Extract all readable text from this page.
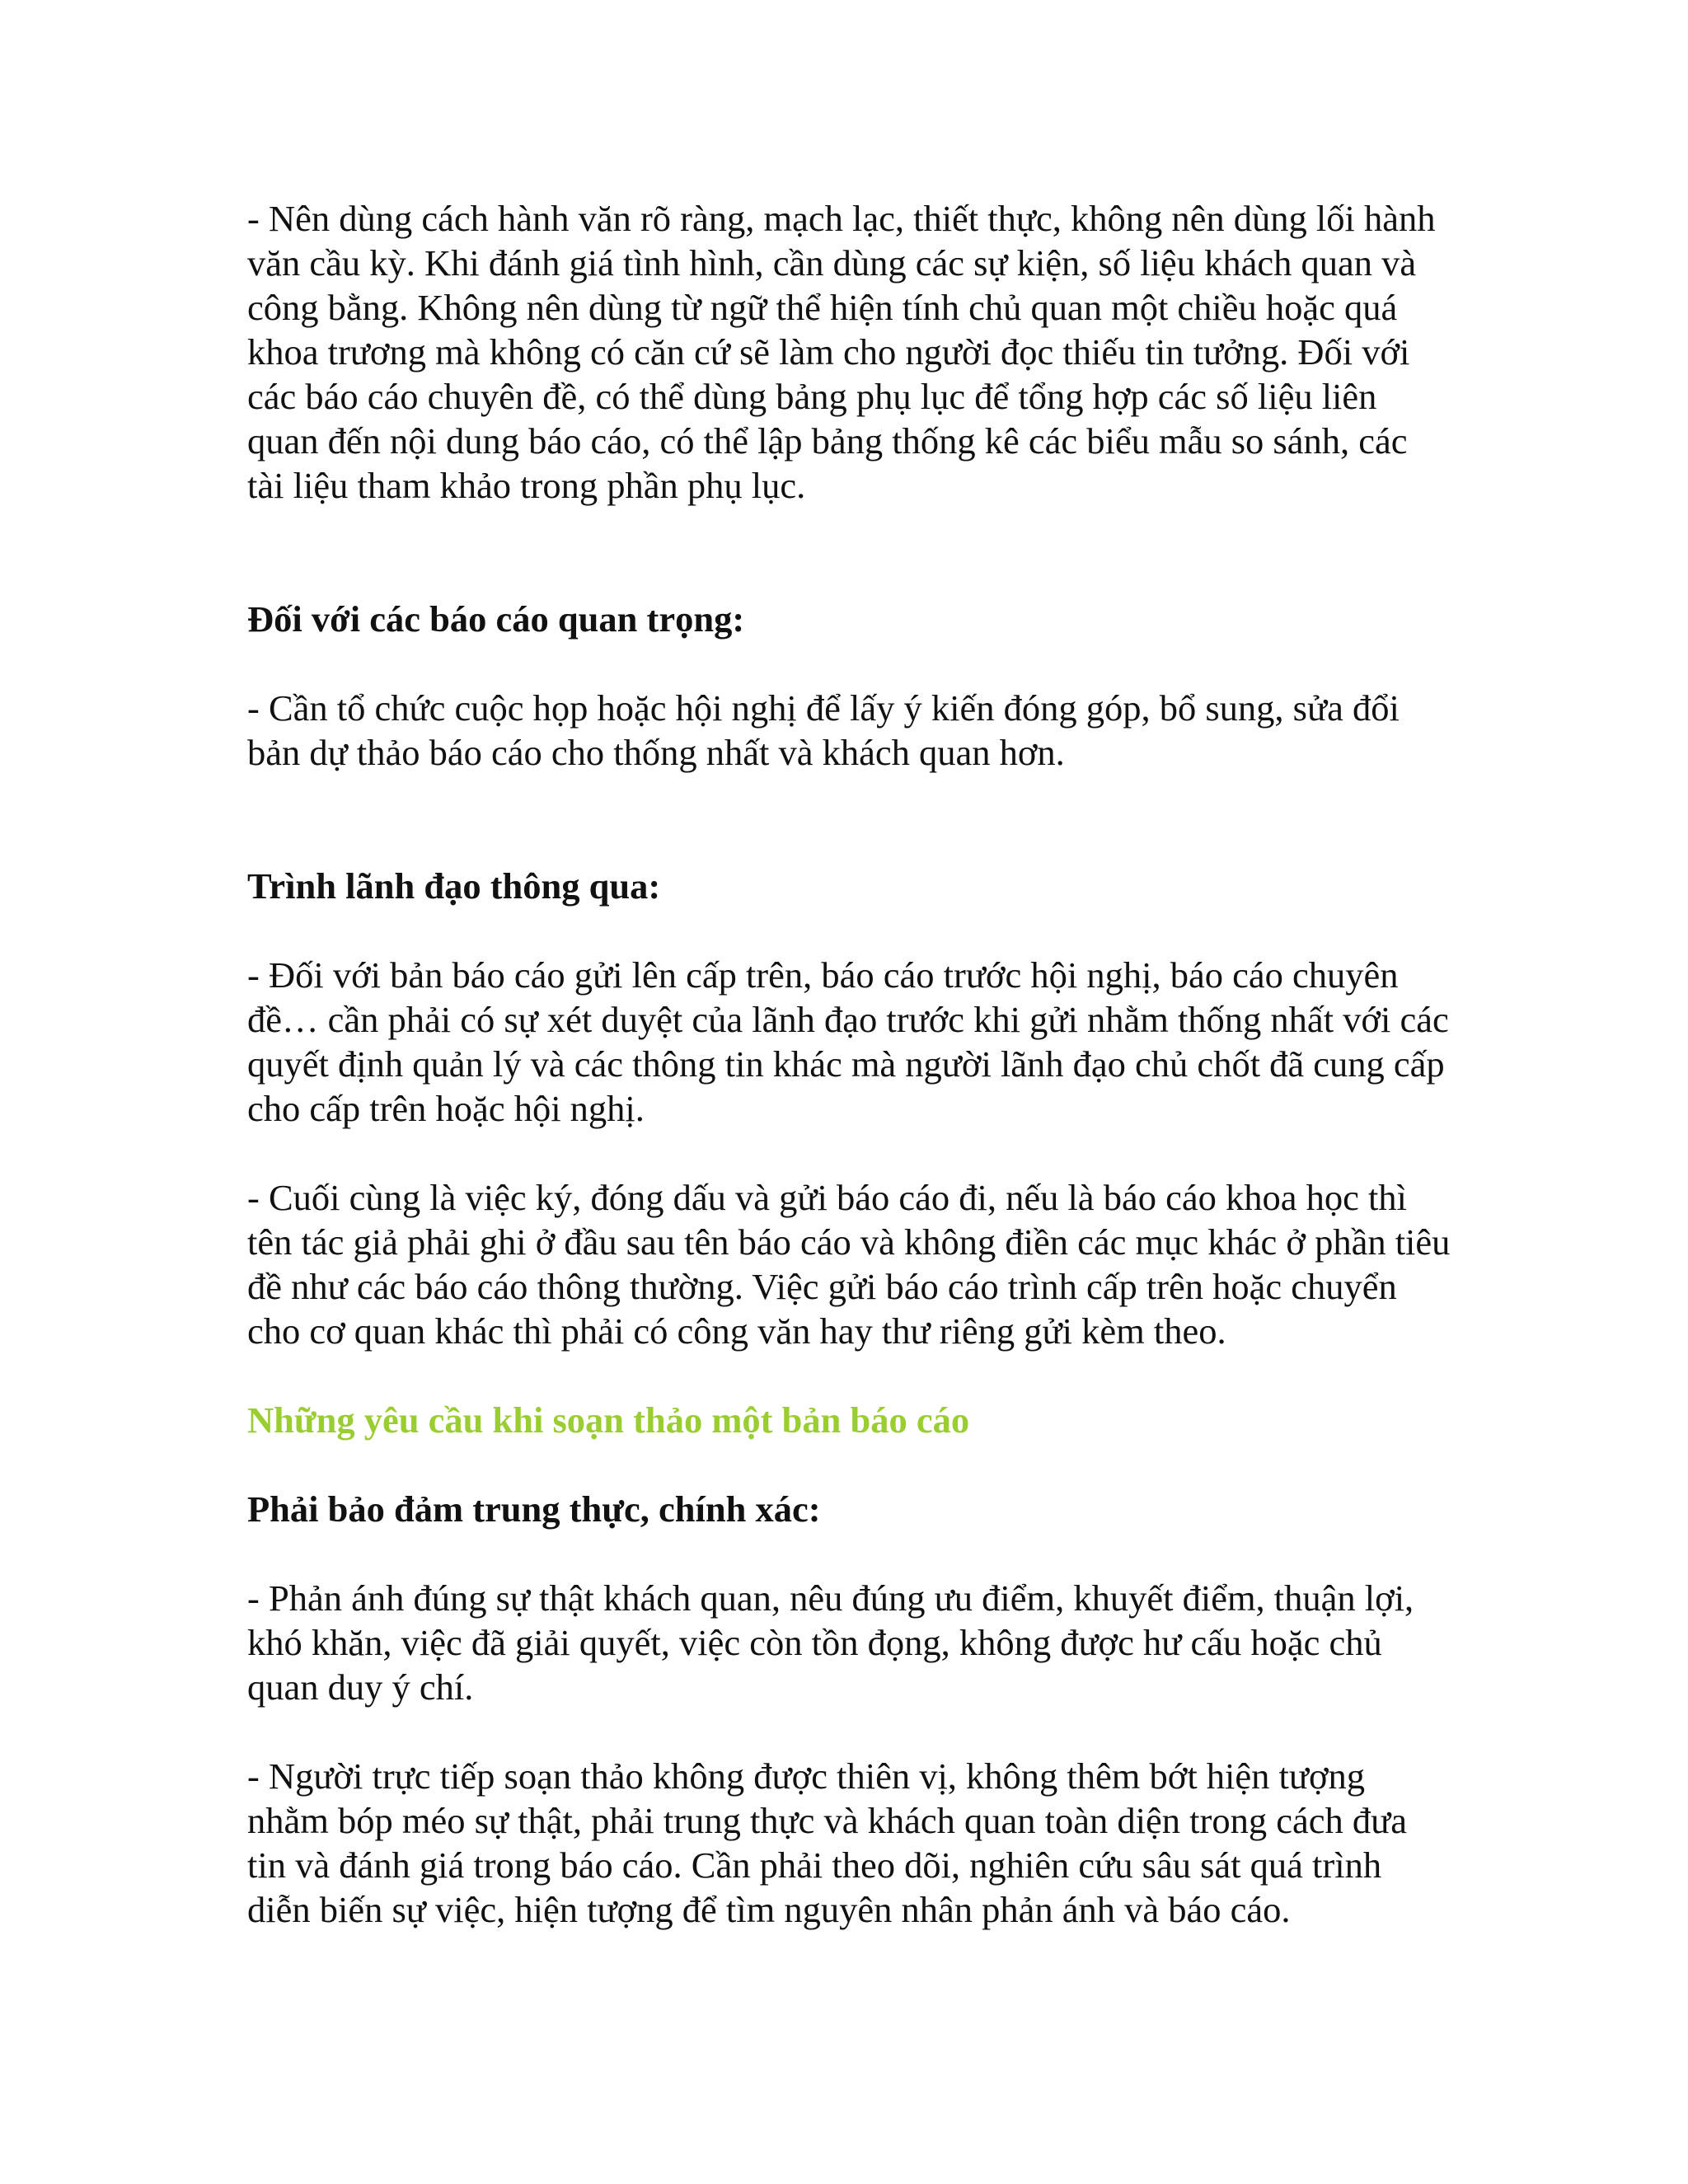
- Nên dùng cách hành văn rõ ràng, mạch lạc, thiết thực, không nên dùng lối hành văn cầu kỳ. Khi đánh giá tình hình, cần dùng các sự kiện, số liệu khách quan và công bằng. Không nên dùng từ ngữ thể hiện tính chủ quan một chiều hoặc quá khoa trương mà không có căn cứ sẽ làm cho người đọc thiếu tin tưởng. Đối với các báo cáo chuyên đề, có thể dùng bảng phụ lục để tổng hợp các số liệu liên quan đến nội dung báo cáo, có thể lập bảng thống kê các biểu mẫu so sánh, các tài liệu tham khảo trong phần phụ lục.

Đối với các báo cáo quan trọng:

- Cần tổ chức cuộc họp hoặc hội nghị để lấy ý kiến đóng góp, bổ sung, sửa đổi bản dự thảo báo cáo cho thống nhất và khách quan hơn.

Trình lãnh đạo thông qua:

- Đối với bản báo cáo gửi lên cấp trên, báo cáo trước hội nghị, báo cáo chuyên đề… cần phải có sự xét duyệt của lãnh đạo trước khi gửi nhằm thống nhất với các quyết định quản lý và các thông tin khác mà người lãnh đạo chủ chốt đã cung cấp cho cấp trên hoặc hội nghị.

- Cuối cùng là việc ký, đóng dấu và gửi báo cáo đi, nếu là báo cáo khoa học thì tên tác giả phải ghi ở đầu sau tên báo cáo và không điền các mục khác ở phần tiêu đề như các báo cáo thông thường. Việc gửi báo cáo trình cấp trên hoặc chuyển cho cơ quan khác thì phải có công văn hay thư riêng gửi kèm theo.

Những yêu cầu khi soạn thảo một bản báo cáo

Phải bảo đảm trung thực, chính xác:

- Phản ánh đúng sự thật khách quan, nêu đúng ưu điểm, khuyết điểm, thuận lợi, khó khăn, việc đã giải quyết, việc còn tồn đọng, không được hư cấu hoặc chủ quan duy ý chí.

- Người trực tiếp soạn thảo không được thiên vị, không thêm bớt hiện tượng nhằm bóp méo sự thật, phải trung thực và khách quan toàn diện trong cách đưa tin và đánh giá trong báo cáo. Cần phải theo dõi, nghiên cứu sâu sát quá trình diễn biến sự việc, hiện tượng để tìm nguyên nhân phản ánh và báo cáo.
